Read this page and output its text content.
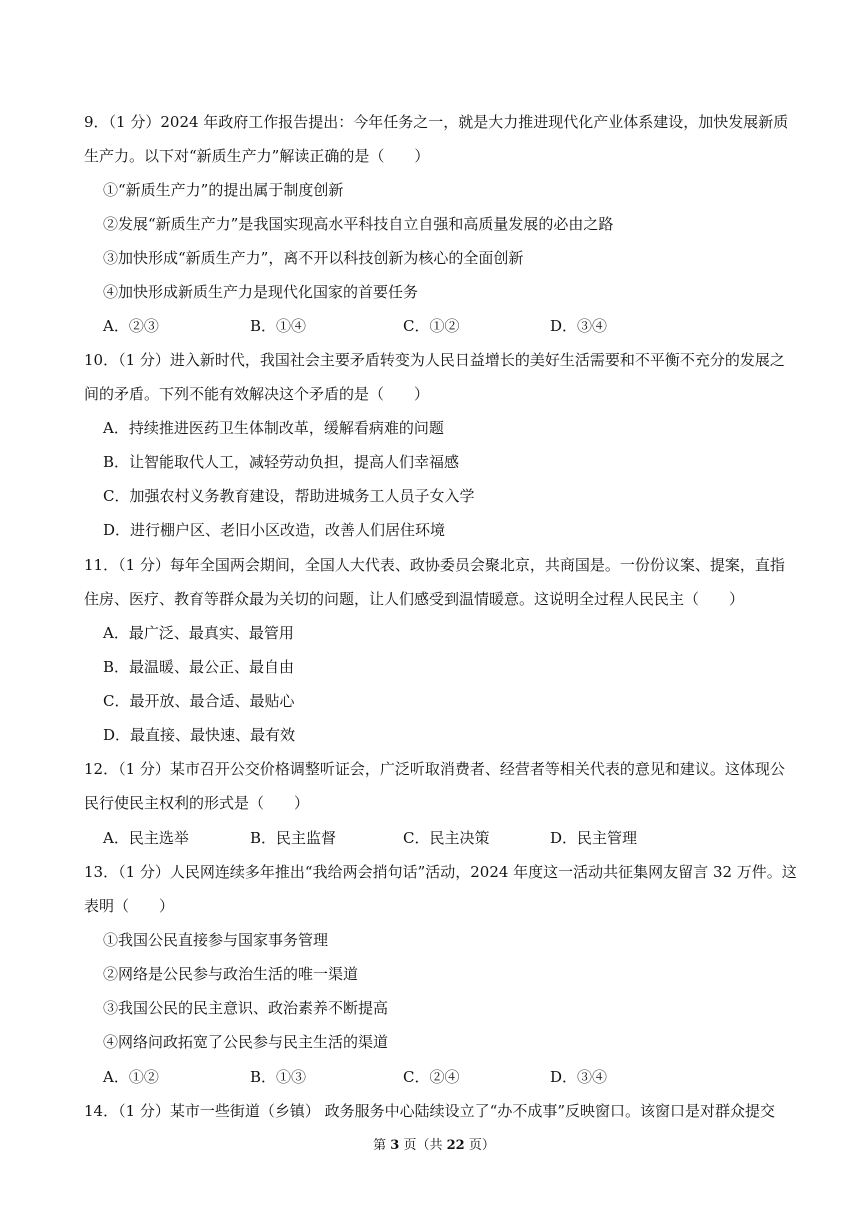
9．（1 分）2024 年政府工作报告提出：今年任务之一，就是大力推进现代化产业体系建设，加快发展新质
生产力。以下对“新质生产力”解读正确的是（　　）
①“新质生产力”的提出属于制度创新
②发展“新质生产力”是我国实现高水平科技自立自强和高质量发展的必由之路
③加快形成“新质生产力”，离不开以科技创新为核心的全面创新
④加快形成新质生产力是现代化国家的首要任务
A．②③	B．①④	C．①②	D．③④
10．（1 分）进入新时代，我国社会主要矛盾转变为人民日益增长的美好生活需要和不平衡不充分的发展之
间的矛盾。下列不能有效解决这个矛盾的是（　　）
A．持续推进医药卫生体制改革，缓解看病难的问题
B．让智能取代人工，减轻劳动负担，提高人们幸福感
C．加强农村义务教育建设，帮助进城务工人员子女入学
D．进行棚户区、老旧小区改造，改善人们居住环境
11．（1 分）每年全国两会期间，全国人大代表、政协委员会聚北京，共商国是。一份份议案、提案，直指
住房、医疗、教育等群众最为关切的问题，让人们感受到温情暖意。这说明全过程人民民主（　　）
A．最广泛、最真实、最管用
B．最温暖、最公正、最自由
C．最开放、最合适、最贴心
D．最直接、最快速、最有效
12．（1 分）某市召开公交价格调整听证会，广泛听取消费者、经营者等相关代表的意见和建议。这体现公
民行使民主权利的形式是（　　）
A．民主选举	B．民主监督	C．民主决策	D．民主管理
13．（1 分）人民网连续多年推出“我给两会捎句话”活动，2024 年度这一活动共征集网友留言 32 万件。这
表明（　　）
①我国公民直接参与国家事务管理
②网络是公民参与政治生活的唯一渠道
③我国公民的民主意识、政治素养不断提高
④网络问政拓宽了公民参与民主生活的渠道
A．①②	B．①③	C．②④	D．③④
14．（1 分）某市一些街道（乡镇） 政务服务中心陆续设立了“办不成事”反映窗口。该窗口是对群众提交
第 3 页（共 22 页）
